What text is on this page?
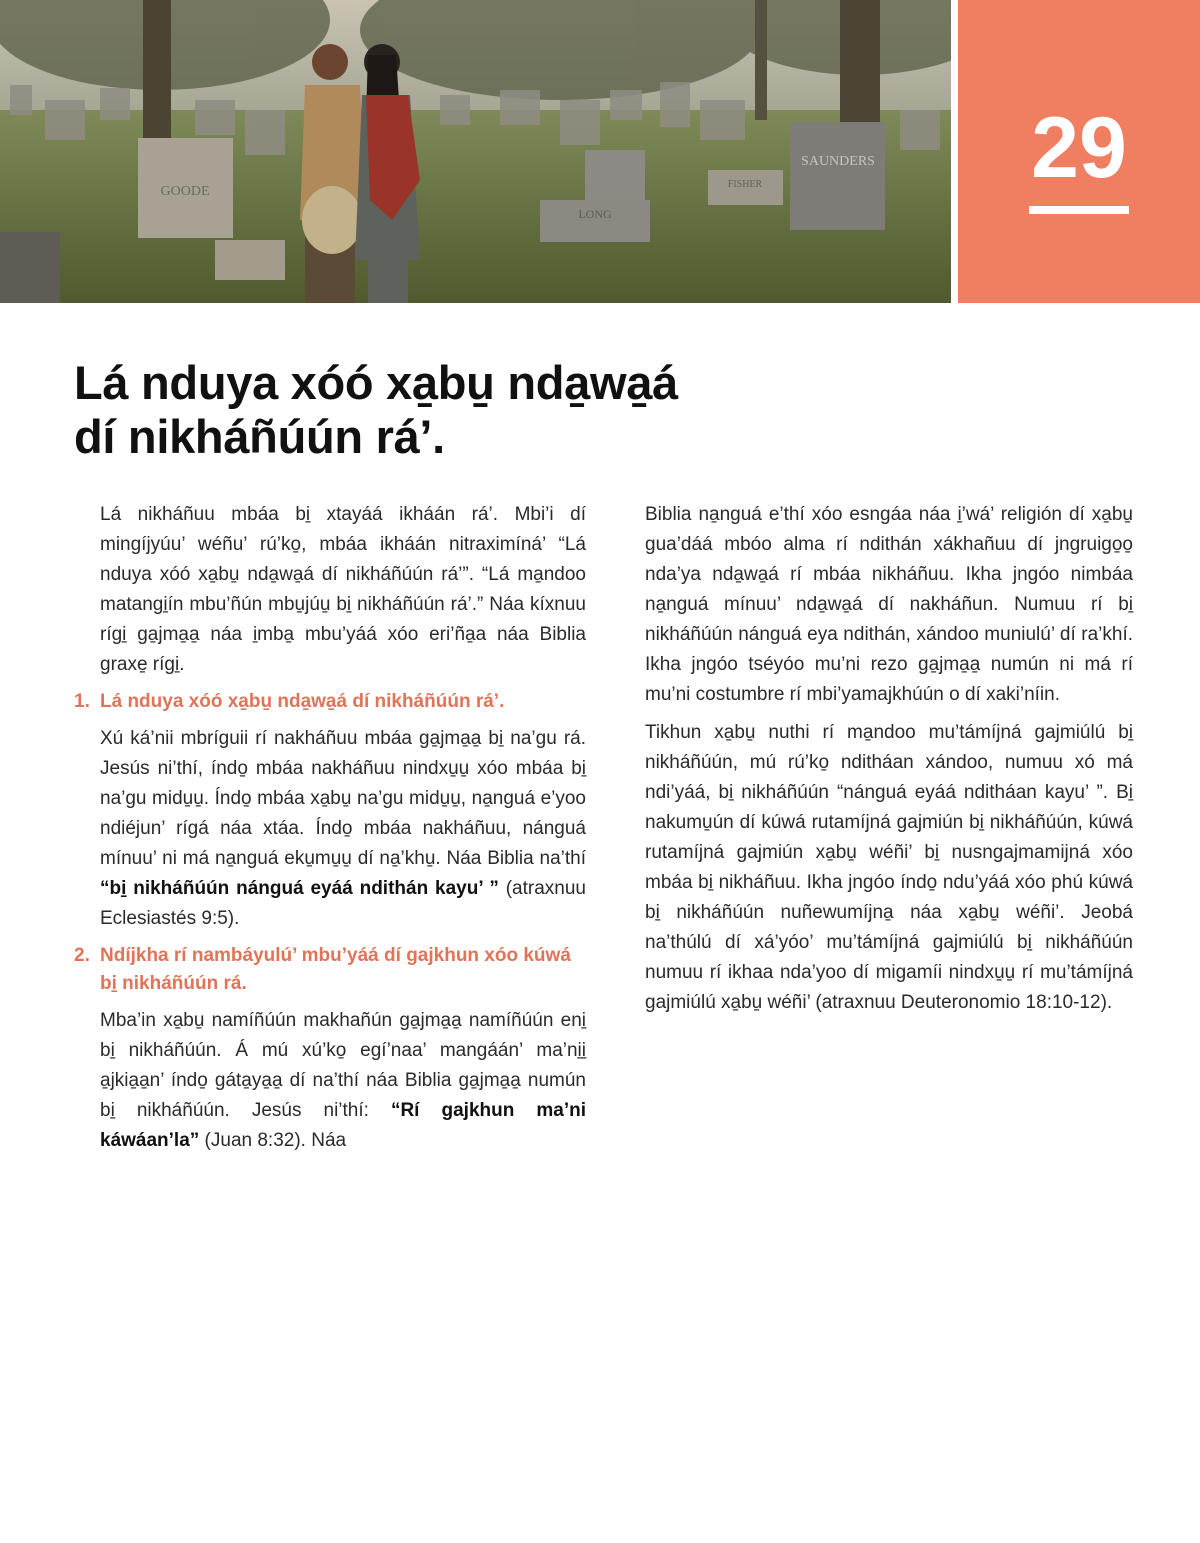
GOODE
LONG
FISHER
SAUNDERS	29
Lá nduya xóó xa̱bu̱ nda̱wa̱á
dí nikháñúún rá’.

Lá nikháñuu mbáa bi̱ xtayáá ikháán rá’. Mbi’i dí mingíjyúu’ wéñu’ rú’ko̱, mbáa ikháán nitraximíná’ “Lá nduya xóó xa̱bu̱ nda̱wa̱á dí nikháñúún rá’”. “Lá ma̱ndoo matangi̱ín mbu’ñún mbu̱júu̱ bi̱ nikháñúún rá’.” Náa kíxnuu rígi̱ ga̱jma̱a̱ náa i̱mba̱ mbu’yáá xóo eri’ña̱a náa Biblia graxe̱ rígi̱.

1. Lá nduya xóó xa̱bu̱ nda̱wa̱á dí nikháñúún rá’.

Xú ká’nii mbríguii rí nakháñuu mbáa ga̱jma̱a̱ bi̱ na’gu rá. Jesús ni’thí, índo̱ mbáa nakháñuu nindxu̱u̱ xóo mbáa bi̱ na’gu midu̱u̱. Índo̱ mbáa xa̱bu̱ na’gu midu̱u̱, na̱nguá e’yoo ndiéjun’ rígá náa xtáa. Índo̱ mbáa nakháñuu, nánguá mínuu’ ni má na̱nguá eku̱mu̱u̱ dí na̱’khu̱. Náa Biblia na’thí “bi̱ nikháñúún nánguá eyáá ndithán kayu’ ” (atraxnuu Eclesiastés 9:5).

2. Ndíjkha rí nambáyulú’ mbu’yáá dí gajkhun xóo kúwá bi̱ nikháñúún rá.

Mba’in xa̱bu̱ namíñúún makhañún ga̱jma̱a̱ namíñúún eni̱ bi̱ nikháñúún. Á mú xú’ko̱ egí’naa’ mangáán’ ma’ni̱i̱ a̱jkia̱a̱n’ índo̱ gáta̱ya̱a̱ dí na’thí náa Biblia ga̱jma̱a̱ numún bi̱ nikháñúún. Jesús ni’thí: “Rí gajkhun ma’ni káwáan’la” (Juan 8:32). Náa

Biblia na̱nguá e’thí xóo esngáa náa i̱’wá’ religión dí xa̱bu̱ gua’dáá mbóo alma rí ndithán xákhañuu dí jngruigo̱o̱ nda’ya nda̱wa̱á rí mbáa nikháñuu. Ikha jngóo nimbáa na̱nguá mínuu’ nda̱wa̱á dí nakháñun. Numuu rí bi̱ nikháñúún nánguá eya ndithán, xándoo muniulú’ dí ra’khí. Ikha jngóo tséyóo mu’ni rezo ga̱jma̱a̱ numún ni má rí mu’ni costumbre rí mbi’yamajkhúún o dí xaki’níin.

Tikhun xa̱bu̱ nuthi rí ma̱ndoo mu’támíjná gajmiúlú bi̱ nikháñúún, mú rú’ko̱ nditháan xándoo, numuu xó má ndi’yáá, bi̱ nikháñúún “nánguá eyáá nditháan kayu’ ”. Bi̱ nakumu̱ún dí kúwá rutamíjná gajmiún bi̱ nikháñúún, kúwá rutamíjná gajmiún xa̱bu̱ wéñi’ bi̱ nusngajmamijná xóo mbáa bi̱ nikháñuu. Ikha jngóo índo̱ ndu’yáá xóo phú kúwá bi̱ nikháñúún nuñewumíjna̱ náa xa̱bu̱ wéñi’. Jeobá na’thúlú dí xá’yóo’ mu’támíjná gajmiúlú bi̱ nikháñúún numuu rí ikhaa nda’yoo dí migamíi nindxu̱u̱ rí mu’támíjná gajmiúlú xa̱bu̱ wéñi’ (atraxnuu Deuteronomio 18:10-12).
